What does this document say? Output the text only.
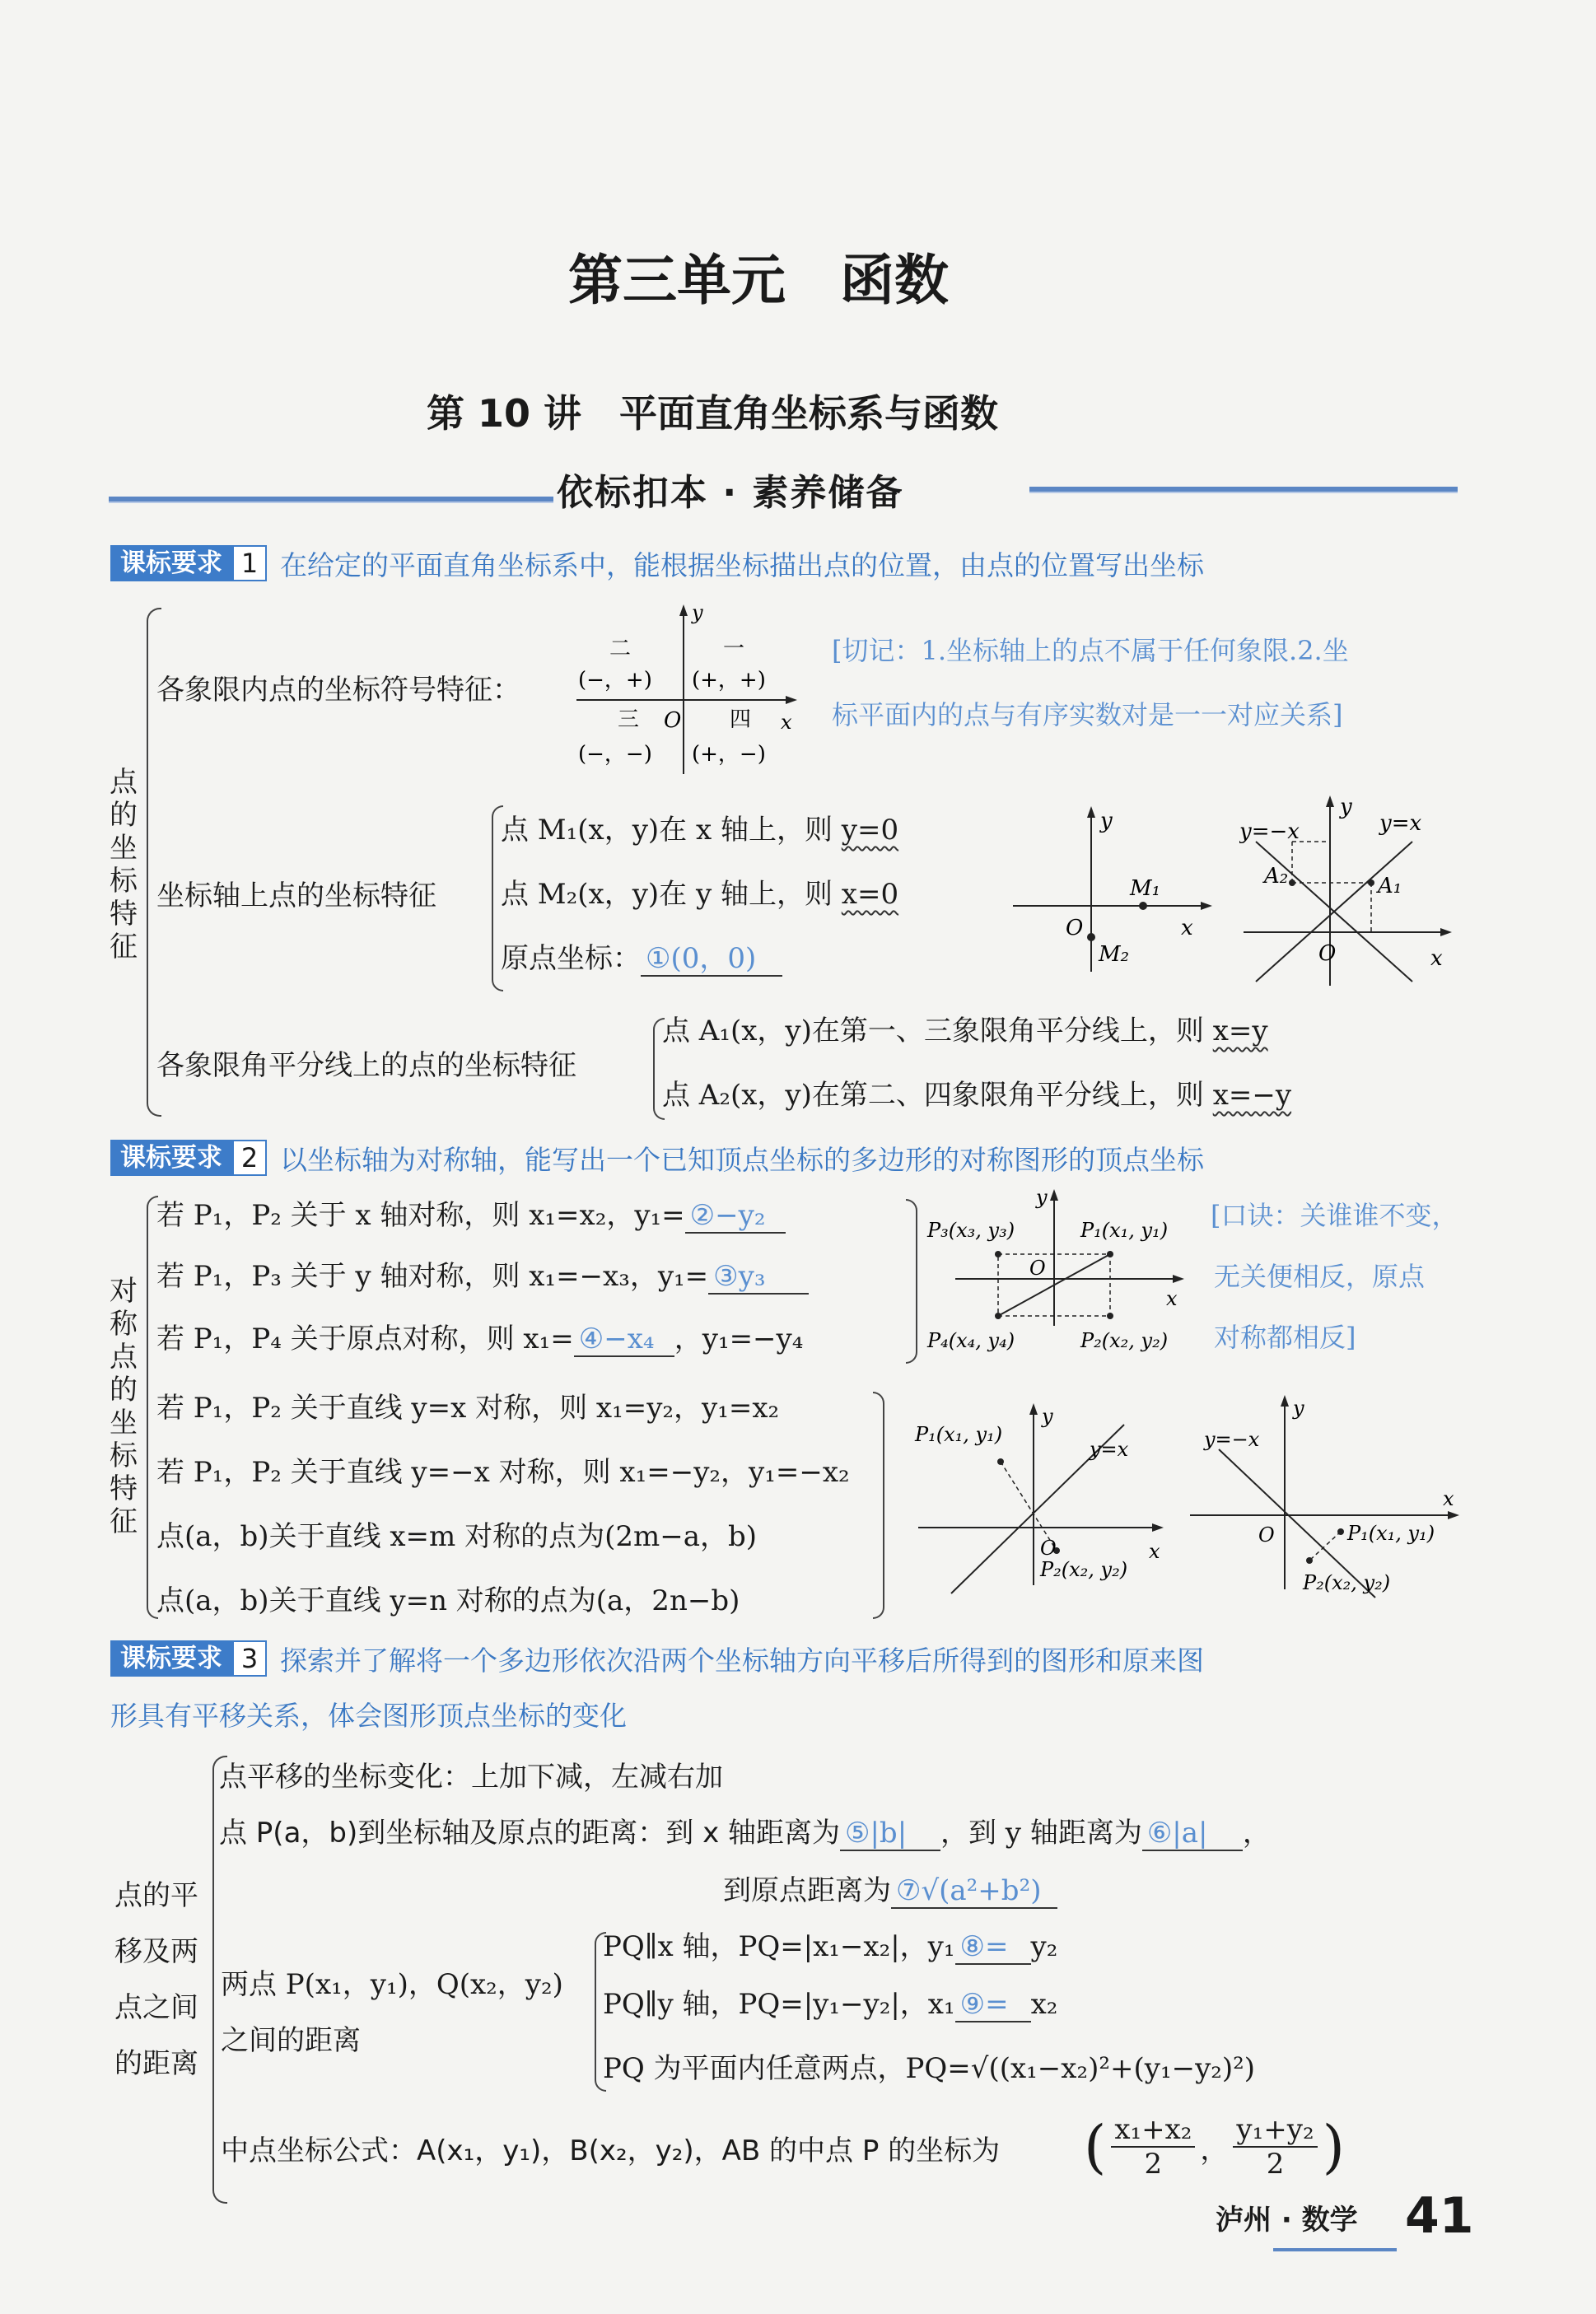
第三单元　函数
第 10 讲　平面直角坐标系与函数
依标扣本 · 素养储备
课标要求 1 在给定的平面直角坐标系中，能根据坐标描出点的位置，由点的位置写出坐标
点
的
坐
标
特
征
各象限内点的坐标符号特征：
y
x
O
二	一
三	四
(−，+) (+，+)
(−，−) (+，−)
[切记：1.坐标轴上的点不属于任何象限.2.坐
标平面内的点与有序实数对是一一对应关系]
坐标轴上点的坐标特征
点 M₁(x，y)在 x 轴上，则 y=0
点 M₂(x，y)在 y 轴上，则 x=0
原点坐标： ①(0，0)
y
x
O
M₁
M₂
y
x
O
y=−x	y=x
A₂	A₁
各象限角平分线上的点的坐标特征
点 A₁(x，y)在第一、三象限角平分线上，则 x=y
点 A₂(x，y)在第二、四象限角平分线上，则 x=−y
课标要求 2 以坐标轴为对称轴，能写出一个已知顶点坐标的多边形的对称图形的顶点坐标
对
称
点
的
坐
标
特
征
若 P₁，P₂ 关于 x 轴对称，则 x₁=x₂，y₁= ②−y₂
若 P₁，P₃ 关于 y 轴对称，则 x₁=−x₃，y₁= ③y₃
若 P₁，P₄ 关于原点对称，则 x₁= ④−x₄ ，y₁=−y₄
y
x
O
P₃(x₃, y₃)	P₁(x₁, y₁)
P₄(x₄, y₄)	P₂(x₂, y₂)
[口诀：关谁谁不变，
无关便相反，原点
对称都相反]
若 P₁，P₂ 关于直线 y=x 对称，则 x₁=y₂，y₁=x₂
若 P₁，P₂ 关于直线 y=−x 对称，则 x₁=−y₂，y₁=−x₂
点(a，b)关于直线 x=m 对称的点为(2m−a，b)
点(a，b)关于直线 y=n 对称的点为(a，2n−b)
y
x
O
y=x
P₁(x₁, y₁)
P₂(x₂, y₂)
y
x
O
y=−x
P₁(x₁, y₁)
P₂(x₂, y₂)
课标要求 3 探索并了解将一个多边形依次沿两个坐标轴方向平移后所得到的图形和原来图
形具有平移关系，体会图形顶点坐标的变化
点的平
移及两
点之间
的距离
点平移的坐标变化：上加下减，左减右加
点 P(a，b)到坐标轴及原点的距离：到 x 轴距离为 ⑤|b| ，到 y 轴距离为 ⑥|a| ，
到原点距离为 ⑦√(a²+b²)
两点 P(x₁，y₁)，Q(x₂，y₂)
之间的距离
PQ∥x 轴，PQ=|x₁−x₂|，y₁ ⑧= y₂
PQ∥y 轴，PQ=|y₁−y₂|，x₁ ⑨= x₂
PQ 为平面内任意两点，PQ=√((x₁−x₂)²+(y₁−y₂)²)
中点坐标公式：A(x₁，y₁)，B(x₂，y₂)，AB 的中点 P 的坐标为 ( $\frac{\text{x₁+x₂}}{2}$ ， $\frac{\text{y₁+y₂}}{2}$ )
泸州 · 数学 41
